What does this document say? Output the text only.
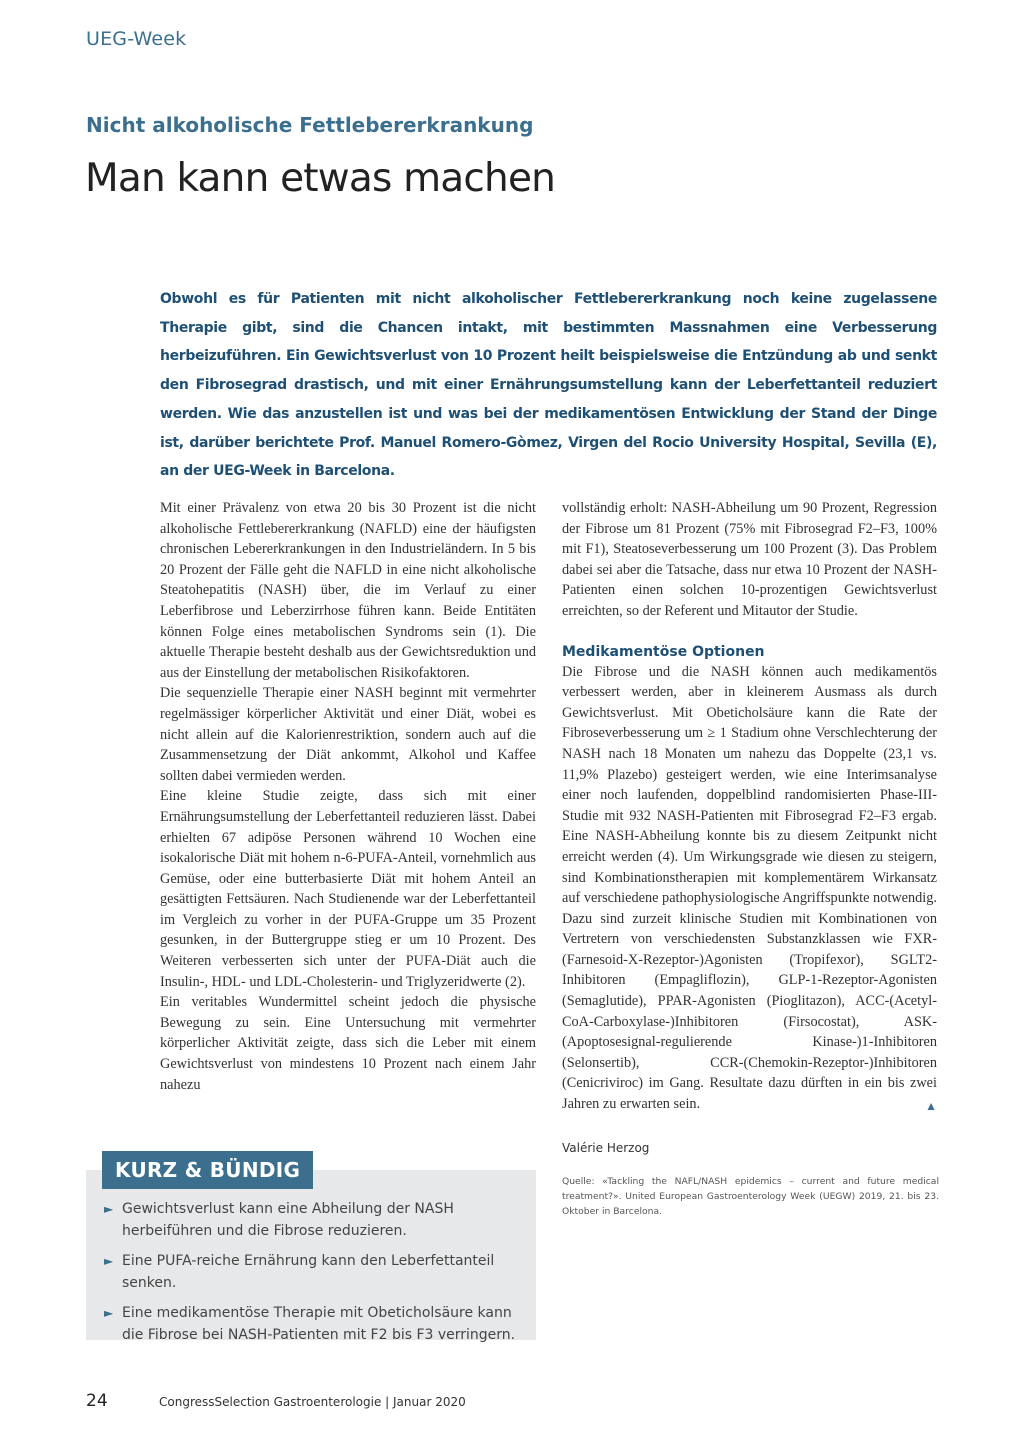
UEG-Week
Nicht alkoholische Fettlebererkrankung
Man kann etwas machen

Obwohl es für Patienten mit nicht alkoholischer Fettlebererkrankung noch keine zugelassene Therapie gibt, sind die Chancen intakt, mit bestimmten Massnahmen eine Verbesserung herbeizuführen. Ein Gewichtsverlust von 10 Prozent heilt beispielsweise die Entzündung ab und senkt den Fibrosegrad drastisch, und mit einer Ernährungsumstellung kann der Leberfettanteil reduziert werden. Wie das anzustellen ist und was bei der medikamentösen Entwicklung der Stand der Dinge ist, darüber berichtete Prof. Manuel Romero-Gòmez, Virgen del Rocio University Hospital, Sevilla (E), an der UEG-Week in Barcelona.

Mit einer Prävalenz von etwa 20 bis 30 Prozent ist die nicht alkoholische Fettlebererkrankung (NAFLD) eine der häufigsten chronischen Lebererkrankungen in den Industrieländern. In 5 bis 20 Prozent der Fälle geht die NAFLD in eine nicht alkoholische Steatohepatitis (NASH) über, die im Verlauf zu einer Leberfibrose und Leberzirrhose führen kann. Beide Entitäten können Folge eines metabolischen Syndroms sein (1). Die aktuelle Therapie besteht deshalb aus der Gewichtsreduktion und aus der Einstellung der metabolischen Risikofaktoren.

Die sequenzielle Therapie einer NASH beginnt mit vermehrter regelmässiger körperlicher Aktivität und einer Diät, wobei es nicht allein auf die Kalorienrestriktion, sondern auch auf die Zusammensetzung der Diät ankommt, Alkohol und Kaffee sollten dabei vermieden werden.

Eine kleine Studie zeigte, dass sich mit einer Ernährungsumstellung der Leberfettanteil reduzieren lässt. Dabei erhielten 67 adipöse Personen während 10 Wochen eine isokalorische Diät mit hohem n-6-PUFA-Anteil, vornehmlich aus Gemüse, oder eine butterbasierte Diät mit hohem Anteil an gesättigten Fettsäuren. Nach Studienende war der Leberfettanteil im Vergleich zu vorher in der PUFA-Gruppe um 35 Prozent gesunken, in der Buttergruppe stieg er um 10 Prozent. Des Weiteren verbesserten sich unter der PUFA-Diät auch die Insulin-, HDL- und LDL-Cholesterin- und Triglyzeridwerte (2).

Ein veritables Wundermittel scheint jedoch die physische Bewegung zu sein. Eine Untersuchung mit vermehrter körperlicher Aktivität zeigte, dass sich die Leber mit einem Gewichtsverlust von mindestens 10 Prozent nach einem Jahr nahezu

vollständig erholt: NASH-Abheilung um 90 Prozent, Regression der Fibrose um 81 Prozent (75% mit Fibrosegrad F2–F3, 100% mit F1), Steatoseverbesserung um 100 Prozent (3). Das Problem dabei sei aber die Tatsache, dass nur etwa 10 Prozent der NASH-Patienten einen solchen 10-prozentigen Gewichtsverlust erreichten, so der Referent und Mitautor der Studie.

Medikamentöse Optionen

Die Fibrose und die NASH können auch medikamentös verbessert werden, aber in kleinerem Ausmass als durch Gewichtsverlust. Mit Obeticholsäure kann die Rate der Fibroseverbesserung um ≥ 1 Stadium ohne Verschlechterung der NASH nach 18 Monaten um nahezu das Doppelte (23,1 vs. 11,9% Plazebo) gesteigert werden, wie eine Interimsanalyse einer noch laufenden, doppelblind randomisierten Phase-III-Studie mit 932 NASH-Patienten mit Fibrosegrad F2–F3 ergab. Eine NASH-Abheilung konnte bis zu diesem Zeitpunkt nicht erreicht werden (4). Um Wirkungsgrade wie diesen zu steigern, sind Kombinationstherapien mit komplementärem Wirkansatz auf verschiedene pathophysiologische Angriffspunkte notwendig. Dazu sind zurzeit klinische Studien mit Kombinationen von Vertretern von verschiedensten Substanzklassen wie FXR-(Farnesoid-X-Rezeptor-)Agonisten (Tropifexor), SGLT2-Inhibitoren (Empagliflozin), GLP-1-Rezeptor-Agonisten (Semaglutide), PPAR-Agonisten (Pioglitazon), ACC-(Acetyl-CoA-Carboxylase-)Inhibitoren (Firsocostat), ASK-(Apoptosesignal-regulierende Kinase-)1-Inhibitoren (Selonsertib), CCR-(Chemokin-Rezeptor-)Inhibitoren (Cenicriviroc) im Gang. Resultate dazu dürften in ein bis zwei Jahren zu erwarten sein.	▲

Valérie Herzog
Quelle: «Tackling the NAFL/NASH epidemics – current and future medical treatment?». United European Gastroenterology Week (UEGW) 2019, 21. bis 23. Oktober in Barcelona.
KURZ & BÜNDIG
► Gewichtsverlust kann eine Abheilung der NASH herbeiführen und die Fibrose reduzieren.
► Eine PUFA-reiche Ernährung kann den Leberfettanteil senken.
► Eine medikamentöse Therapie mit Obeticholsäure kann die Fibrose bei NASH-Patienten mit F2 bis F3 verringern.
24	CongressSelection Gastroenterologie | Januar 2020
